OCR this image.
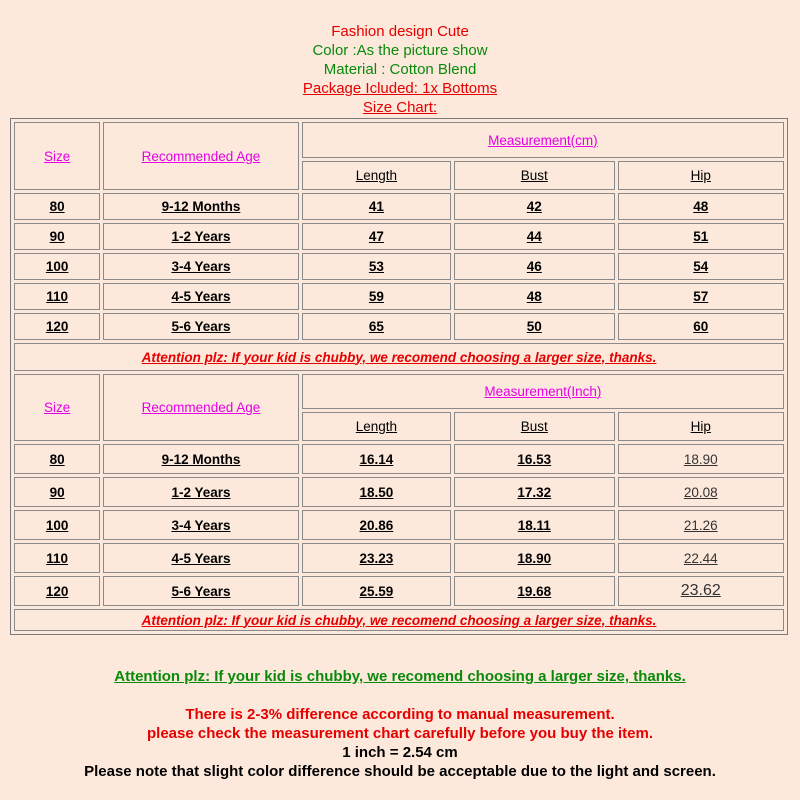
Fashion design Cute
Color :As the picture show
Material : Cotton Blend
Package Icluded: 1x Bottoms
Size Chart:
Size	Recommended Age	Measurement(cm)		
		Length	Bust	Hip
80	9-12 Months	41	42	48
90	1-2 Years	47	44	51
100	3-4 Years	53	46	54
110	4-5 Years	59	48	57
120	5-6 Years	65	50	60
Attention plz: If your kid is chubby, we recomend choosing a larger size, thanks.				
Size	Recommended Age	Measurement(Inch)		
		Length	Bust	Hip
80	9-12 Months	16.14	16.53	18.90
90	1-2 Years	18.50	17.32	20.08
100	3-4 Years	20.86	18.11	21.26
110	4-5 Years	23.23	18.90	22.44
120	5-6 Years	25.59	19.68	23.62
Attention plz: If your kid is chubby, we recomend choosing a larger size, thanks.				
Attention plz: If your kid is chubby, we recomend choosing a larger size, thanks.
There is 2-3% difference according to manual measurement.
please check the measurement chart carefully before you buy the item.
1 inch = 2.54 cm
Please note that slight color difference should be acceptable due to the light and screen.
